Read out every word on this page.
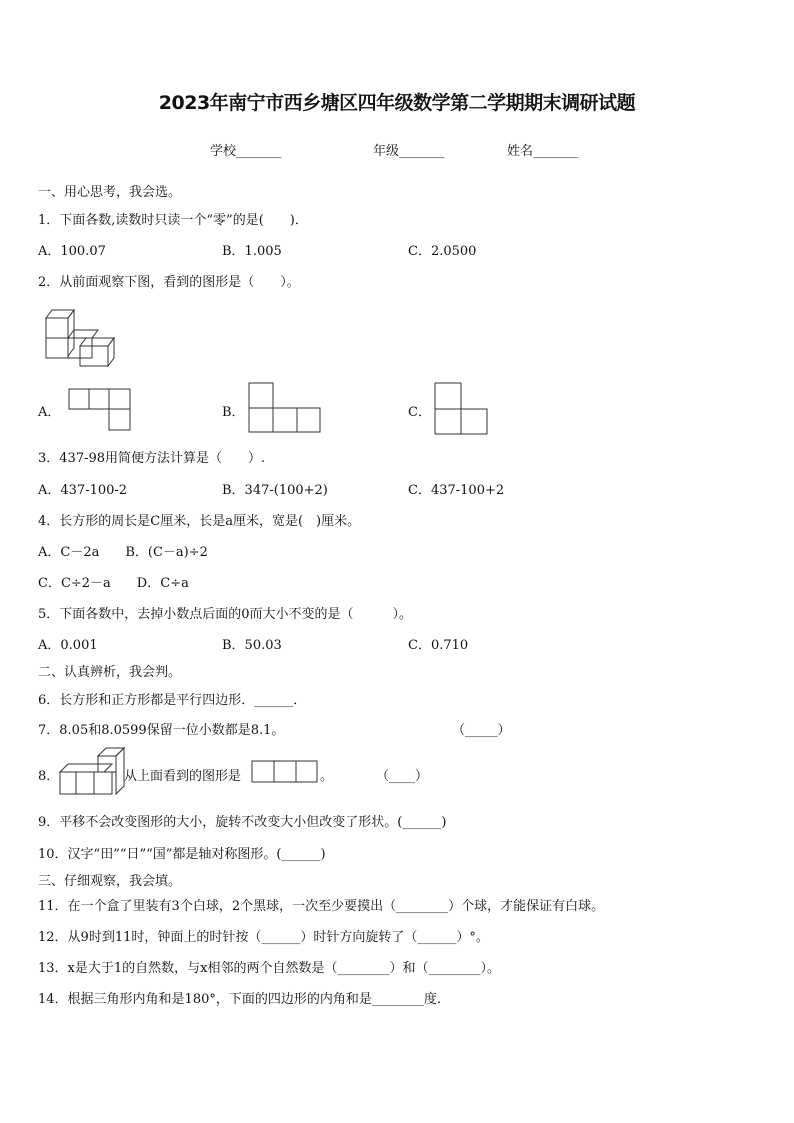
2023年南宁市西乡塘区四年级数学第二学期期末调研试题
学校_______	年级_______	姓名_______
一、用心思考，我会选。
1．下面各数,读数时只读一个“零”的是(　　)．
A．100.07	B．1.005	C．2.0500
2．从前面观察下图，看到的图形是（　　）。
A．	B．	C．
3．437-98用简便方法计算是（　　）.
A．437-100-2	B．347-(100+2)	C．437-100+2
4．长方形的周长是C厘米，长是a厘米，宽是(　)厘米。
A．C－2a　　B．(C－a)÷2
C．C÷2－a　　D．C÷a
5．下面各数中，去掉小数点后面的0而大小不变的是（　　　）。
A．0.001	B．50.03	C．0.710
二、认真辨析，我会判。
6．长方形和正方形都是平行四边形．______．
7．8.05和8.0599保留一位小数都是8.1。	（_____）
8．	从上面看到的图形是	。	（____）
9．平移不会改变图形的大小，旋转不改变大小但改变了形状。(______)
10．汉字“田”“日”“国”都是轴对称图形。(______)
三、仔细观察，我会填。
11．在一个盒了里装有3个白球，2个黑球，一次至少要摸出（________）个球，才能保证有白球。
12．从9时到11时，钟面上的时针按（______）时针方向旋转了（______）°。
13．x是大于1的自然数，与x相邻的两个自然数是（________）和（________）。
14．根据三角形内角和是180°，下面的四边形的内角和是________度.
